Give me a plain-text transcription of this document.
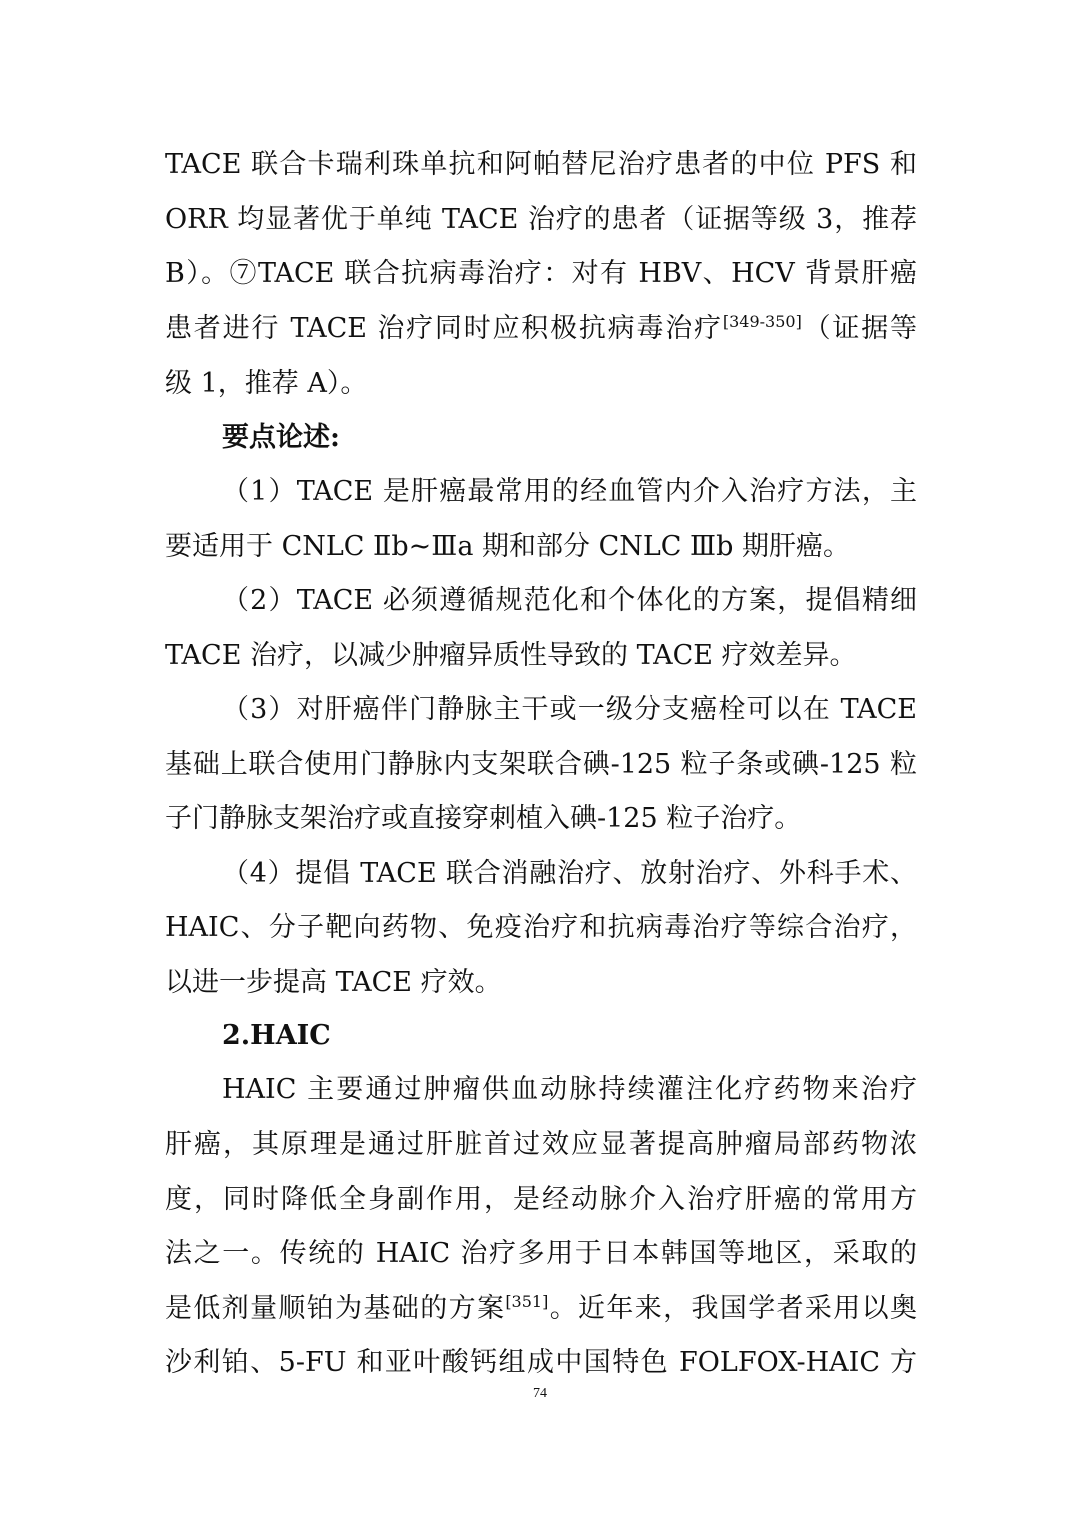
TACE 联合卡瑞利珠单抗和阿帕替尼治疗患者的中位 PFS 和
ORR 均显著优于单纯 TACE 治疗的患者（证据等级 3，推荐
B）。⑦TACE 联合抗病毒治疗：对有 HBV、HCV 背景肝癌
患者进行 TACE 治疗同时应积极抗病毒治疗[349-350]（证据等
级 1，推荐 A）。
要点论述:
（1）TACE 是肝癌最常用的经血管内介入治疗方法，主
要适用于 CNLC Ⅱb~Ⅲa 期和部分 CNLC Ⅲb 期肝癌。
（2）TACE 必须遵循规范化和个体化的方案，提倡精细
TACE 治疗，以减少肿瘤异质性导致的 TACE 疗效差异。
（3）对肝癌伴门静脉主干或一级分支癌栓可以在 TACE
基础上联合使用门静脉内支架联合碘-125 粒子条或碘-125 粒
子门静脉支架治疗或直接穿刺植入碘-125 粒子治疗。
（4）提倡 TACE 联合消融治疗、放射治疗、外科手术、
HAIC、分子靶向药物、免疫治疗和抗病毒治疗等综合治疗，
以进一步提高 TACE 疗效。
2.HAIC
HAIC 主要通过肿瘤供血动脉持续灌注化疗药物来治疗
肝癌，其原理是通过肝脏首过效应显著提高肿瘤局部药物浓
度，同时降低全身副作用，是经动脉介入治疗肝癌的常用方
法之一。传统的 HAIC 治疗多用于日本韩国等地区，采取的
是低剂量顺铂为基础的方案[351]。近年来，我国学者采用以奥
沙利铂、5-FU 和亚叶酸钙组成中国特色 FOLFOX-HAIC 方
74
